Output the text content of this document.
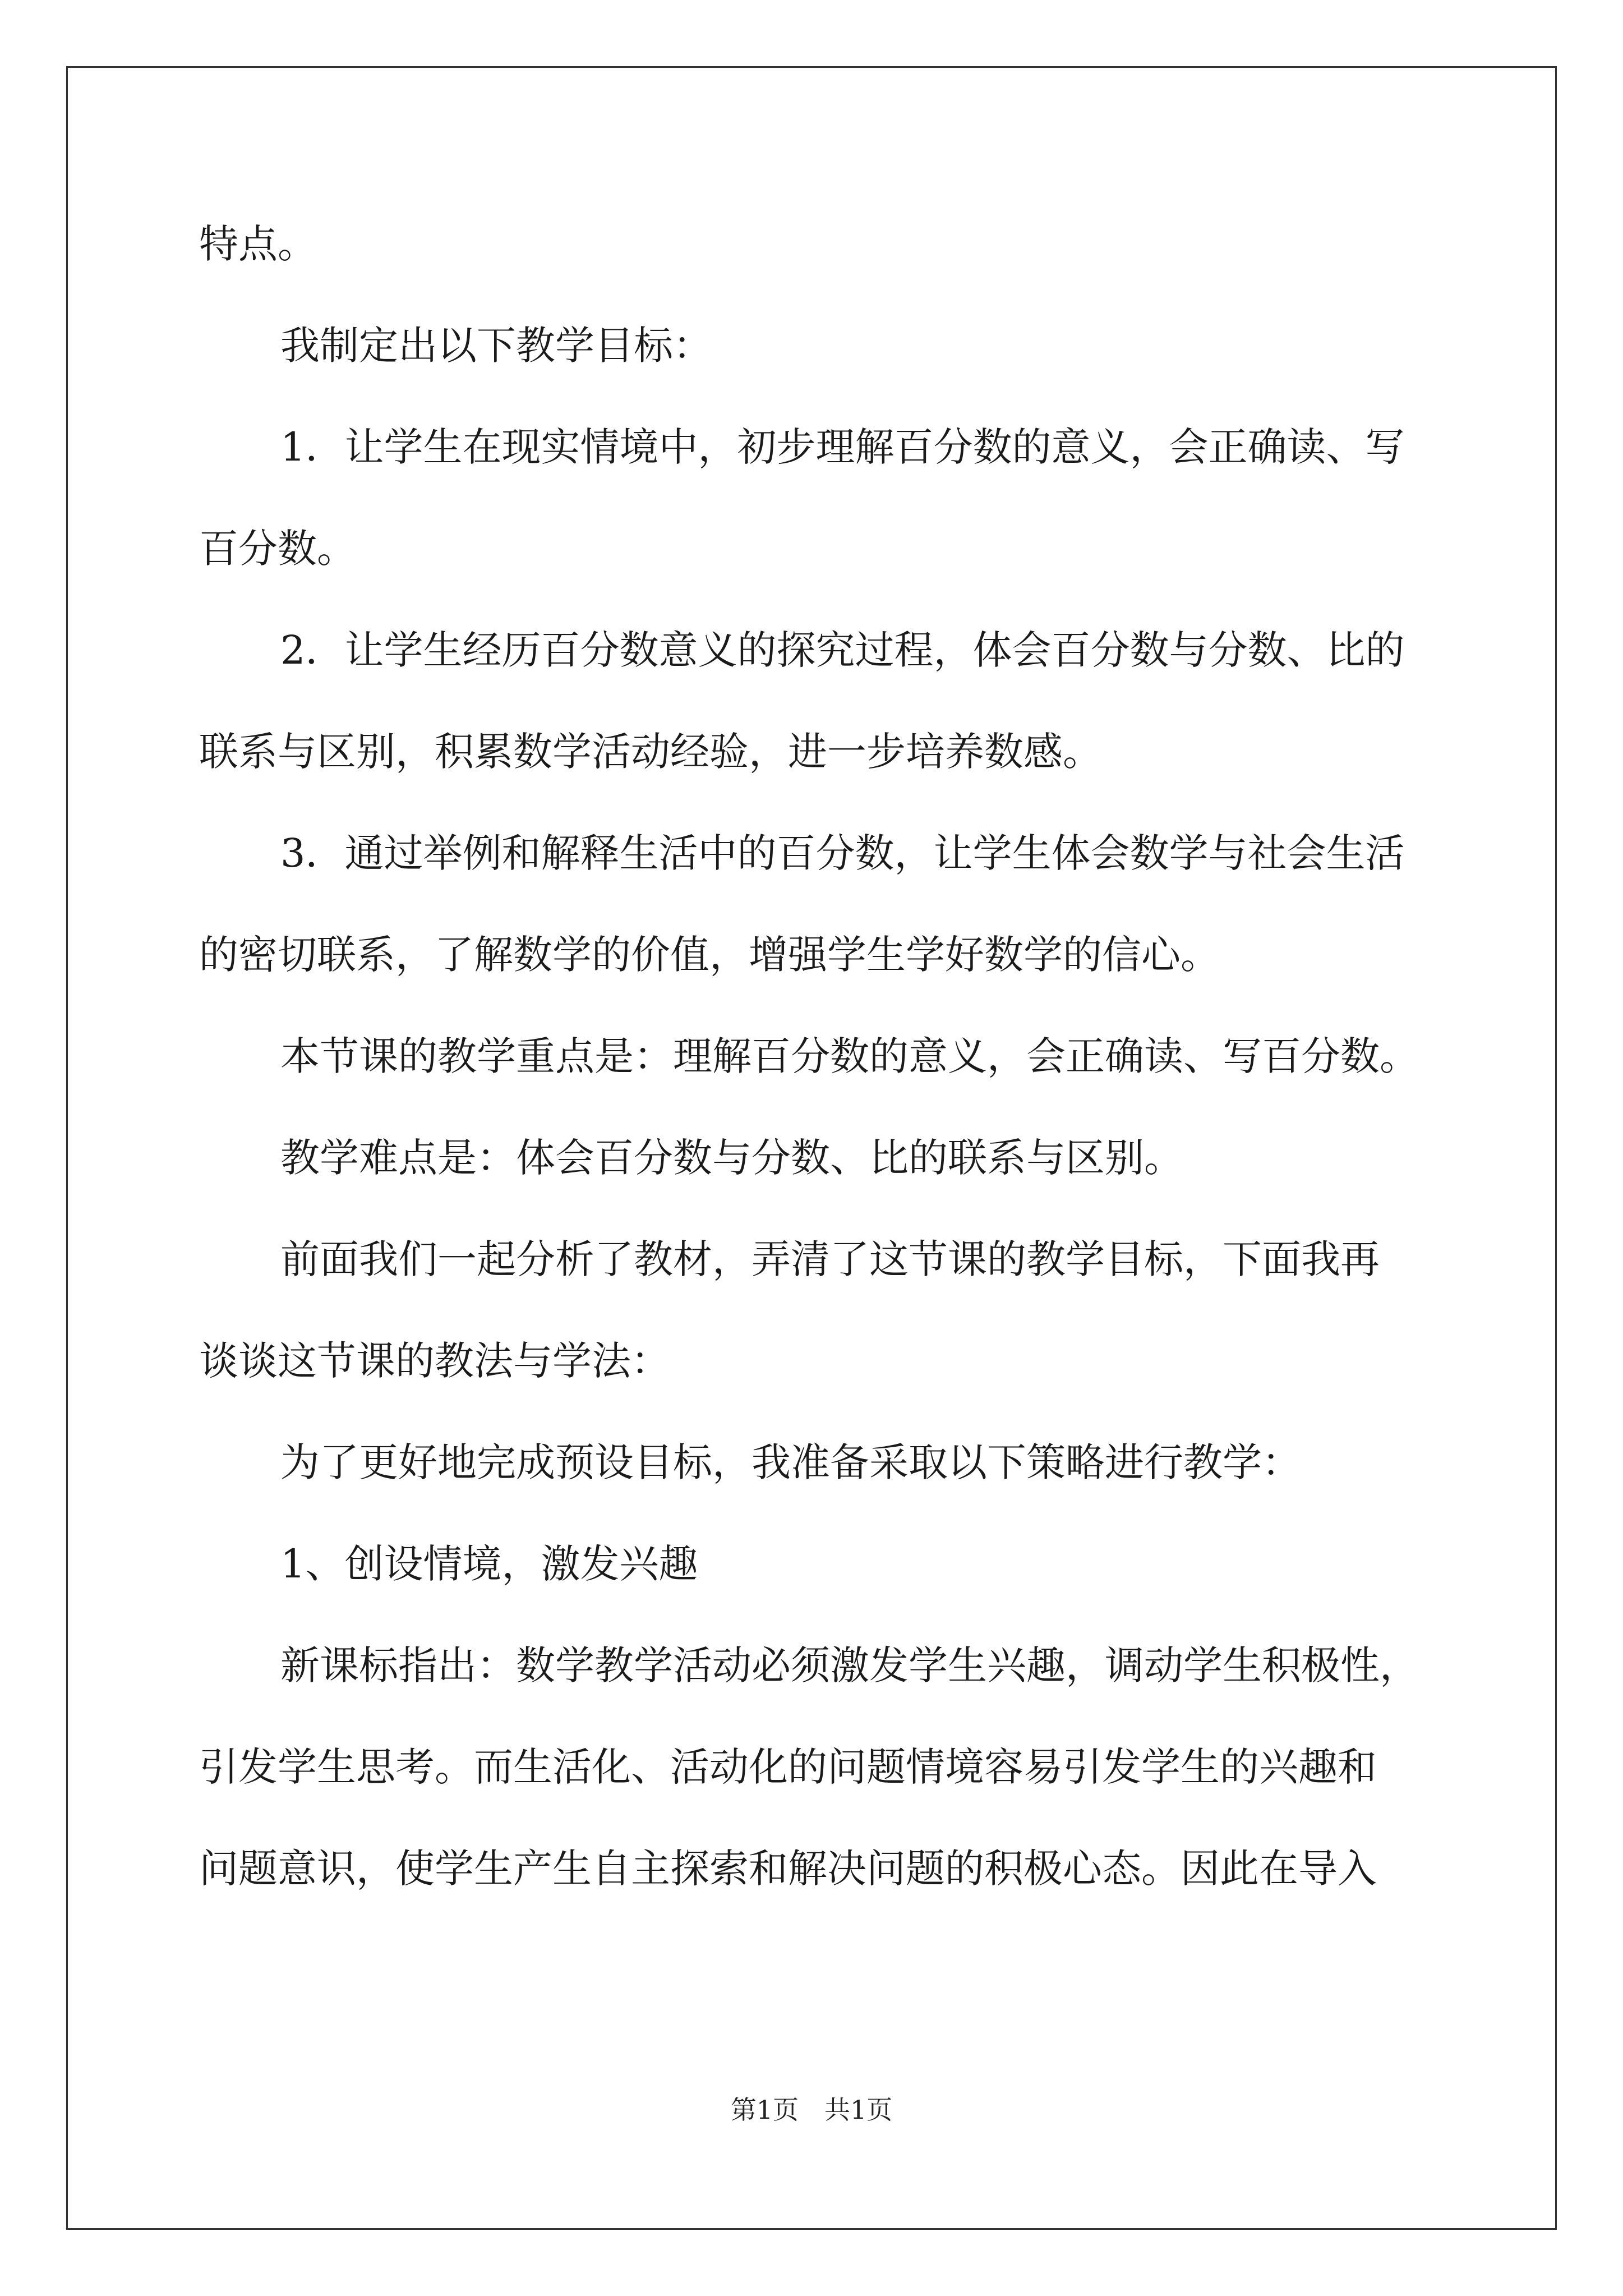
特点。
我制定出以下教学目标：
1．让学生在现实情境中，初步理解百分数的意义，会正确读、写
百分数。
2．让学生经历百分数意义的探究过程，体会百分数与分数、比的
联系与区别，积累数学活动经验，进一步培养数感。
3．通过举例和解释生活中的百分数，让学生体会数学与社会生活
的密切联系，了解数学的价值，增强学生学好数学的信心。
本节课的教学重点是：理解百分数的意义，会正确读、写百分数。
教学难点是：体会百分数与分数、比的联系与区别。
前面我们一起分析了教材，弄清了这节课的教学目标，下面我再
谈谈这节课的教法与学法：
为了更好地完成预设目标，我准备采取以下策略进行教学：
1、创设情境，激发兴趣
新课标指出：数学教学活动必须激发学生兴趣，调动学生积极性，
引发学生思考。而生活化、活动化的问题情境容易引发学生的兴趣和
问题意识，使学生产生自主探索和解决问题的积极心态。因此在导入
第1页　共1页
